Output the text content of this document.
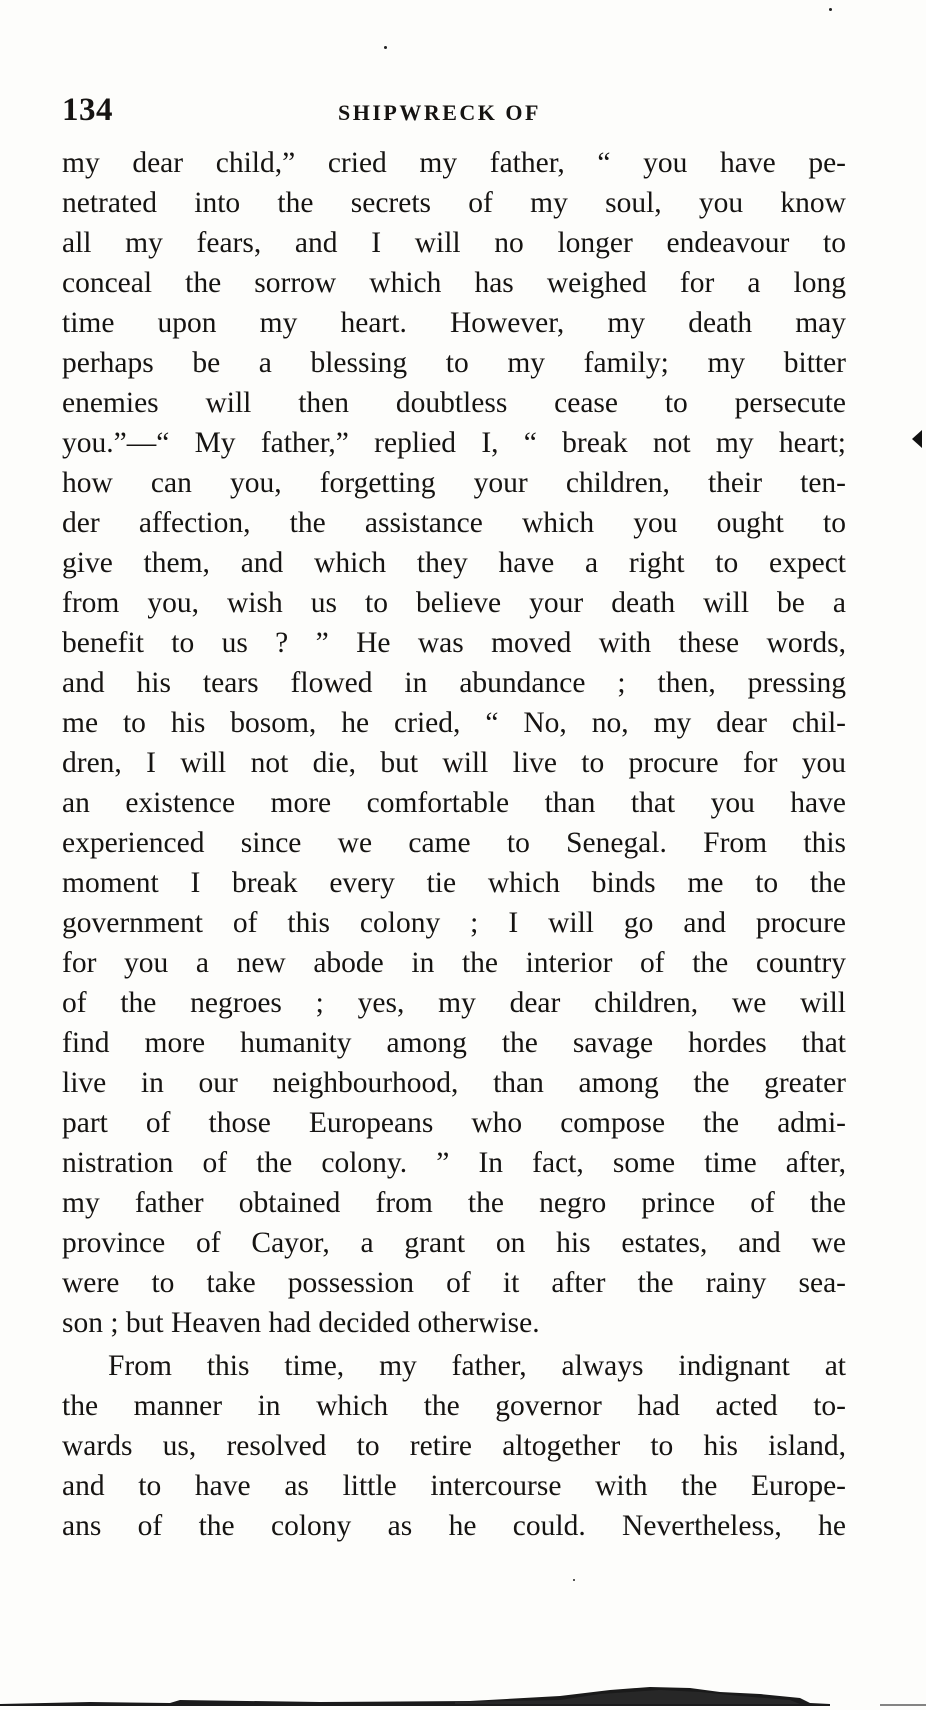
134	SHIPWRECK OF
my dear child,” cried my father, “ you have pe-
netrated into the secrets of my soul, you know
all my fears, and I will no longer endeavour to
conceal the sorrow which has weighed for a long
time upon my heart. However, my death may
perhaps be a blessing to my family; my bitter
enemies will then doubtless cease to persecute
you.”—“ My father,” replied I, “ break not my heart;
how can you, forgetting your children, their ten-
der affection, the assistance which you ought to
give them, and which they have a right to expect
from you, wish us to believe your death will be a
benefit to us ? ” He was moved with these words,
and his tears flowed in abundance ; then, pressing
me to his bosom, he cried, “ No, no, my dear chil-
dren, I will not die, but will live to procure for you
an existence more comfortable than that you have
experienced since we came to Senegal. From this
moment I break every tie which binds me to the
government of this colony ; I will go and procure
for you a new abode in the interior of the country
of the negroes ; yes, my dear children, we will
find more humanity among the savage hordes that
live in our neighbourhood, than among the greater
part of those Europeans who compose the admi-
nistration of the colony. ” In fact, some time after,
my father obtained from the negro prince of the
province of Cayor, a grant on his estates, and we
were to take possession of it after the rainy sea-
son ; but Heaven had decided otherwise.
From this time, my father, always indignant at
the manner in which the governor had acted to-
wards us, resolved to retire altogether to his island,
and to have as little intercourse with the Europe-
ans of the colony as he could. Nevertheless, he
